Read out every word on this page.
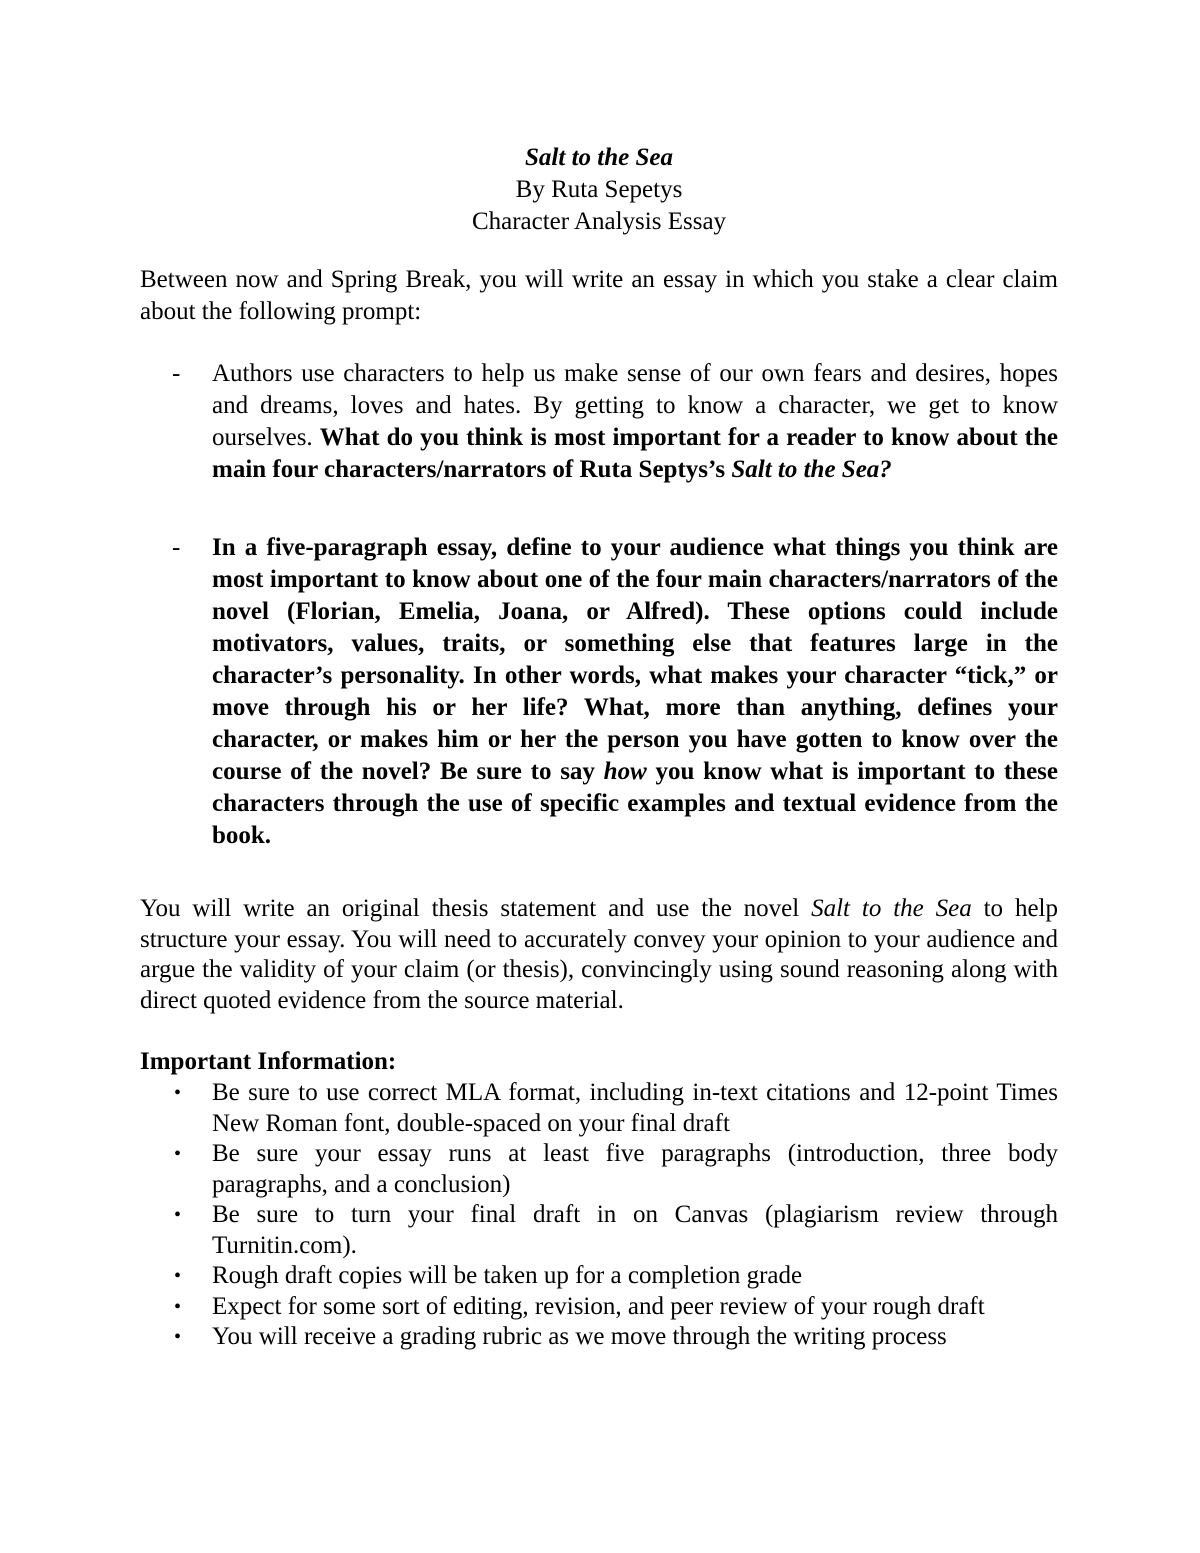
Salt to the Sea
By Ruta Sepetys
Character Analysis Essay

Between now and Spring Break, you will write an essay in which you stake a clear claim about the following prompt:

- Authors use characters to help us make sense of our own fears and desires, hopes and dreams, loves and hates. By getting to know a character, we get to know ourselves. What do you think is most important for a reader to know about the main four characters/narrators of Ruta Septys’s Salt to the Sea?
- In a five-paragraph essay, define to your audience what things you think are most important to know about one of the four main characters/narrators of the novel (Florian, Emelia, Joana, or Alfred). These options could include motivators, values, traits, or something else that features large in the character’s personality. In other words, what makes your character “tick,” or move through his or her life? What, more than anything, defines your character, or makes him or her the person you have gotten to know over the course of the novel? Be sure to say how you know what is important to these characters through the use of specific examples and textual evidence from the book.

You will write an original thesis statement and use the novel Salt to the Sea to help structure your essay. You will need to accurately convey your opinion to your audience and argue the validity of your claim (or thesis), convincingly using sound reasoning along with direct quoted evidence from the source material.

Important Information:
• Be sure to use correct MLA format, including in-text citations and 12-point Times New Roman font, double-spaced on your final draft
• Be sure your essay runs at least five paragraphs (introduction, three body paragraphs, and a conclusion)
• Be sure to turn your final draft in on Canvas (plagiarism review through Turnitin.com).
• Rough draft copies will be taken up for a completion grade
• Expect for some sort of editing, revision, and peer review of your rough draft
• You will receive a grading rubric as we move through the writing process
